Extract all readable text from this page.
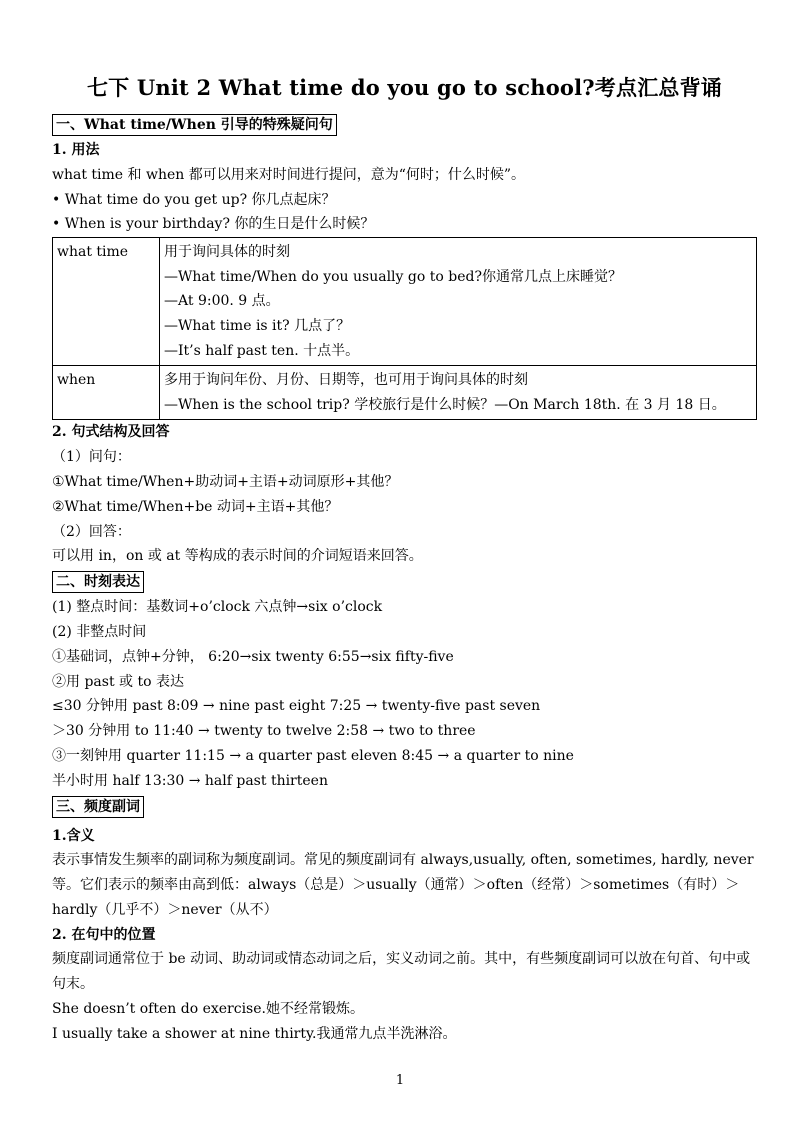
七下 Unit 2 What time do you go to school?考点汇总背诵
一、What time/When 引导的特殊疑问句
1. 用法
what time 和 when 都可以用来对时间进行提问，意为“何时；什么时候”。
• What time do you get up? 你几点起床？
• When is your birthday? 你的生日是什么时候？
what time	用于询问具体的时刻
—What time/When do you usually go to bed?你通常几点上床睡觉？
—At 9:00. 9 点。
—What time is it? 几点了？
—It’s half past ten. 十点半。

when	多用于询问年份、月份、日期等，也可用于询问具体的时刻
—When is the school trip? 学校旅行是什么时候？—On March 18th. 在 3 月 18 日。
2. 句式结构及回答
（1）问句：
①What time/When+助动词+主语+动词原形+其他？
②What time/When+be 动词+主语+其他？
（2）回答：
可以用 in，on 或 at 等构成的表示时间的介词短语来回答。
二、时刻表达
(1) 整点时间：基数词+o’clock 六点钟→six o’clock
(2) 非整点时间
①基础词，点钟+分钟， 6:20→six twenty 6:55→six fifty-five
②用 past 或 to 表达
≤30 分钟用 past 8:09 → nine past eight 7:25 → twenty-five past seven
＞30 分钟用 to 11:40 → twenty to twelve 2:58 → two to three
③一刻钟用 quarter 11:15 → a quarter past eleven 8:45 → a quarter to nine
半小时用 half 13:30 → half past thirteen
三、频度副词
1.含义
表示事情发生频率的副词称为频度副词。常见的频度副词有 always,usually, often, sometimes, hardly, never 等。它们表示的频率由高到低：always（总是）＞usually（通常）＞often（经常）＞sometimes（有时）＞hardly（几乎不）＞never（从不）
2. 在句中的位置
频度副词通常位于 be 动词、助动词或情态动词之后，实义动词之前。其中，有些频度副词可以放在句首、句中或句末。
She doesn’t often do exercise.她不经常锻炼。
I usually take a shower at nine thirty.我通常九点半洗淋浴。
1
